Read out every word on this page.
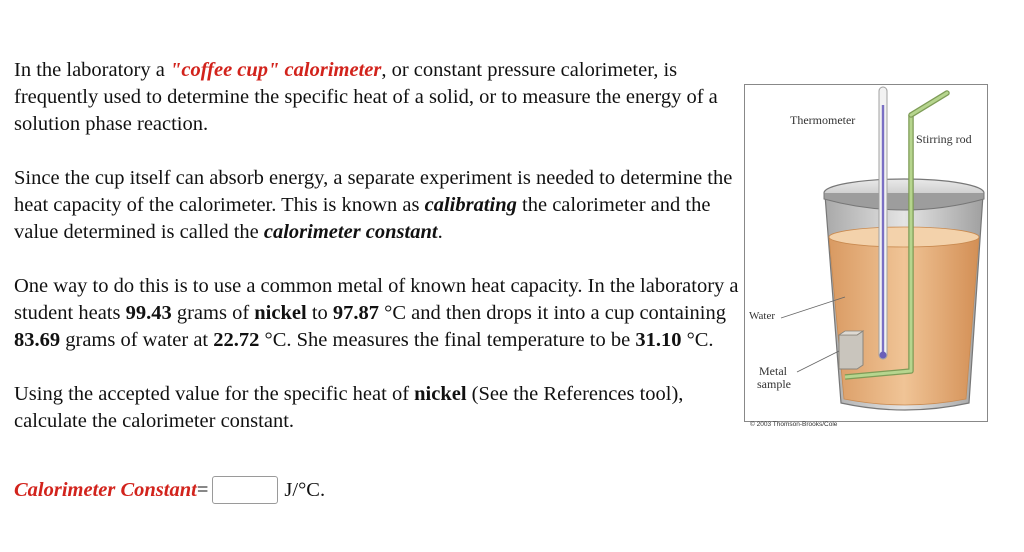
In the laboratory a "coffee cup" calorimeter, or constant pressure calorimeter, is frequently used to determine the specific heat of a solid, or to measure the energy of a solution phase reaction.

Since the cup itself can absorb energy, a separate experiment is needed to determine the heat capacity of the calorimeter. This is known as calibrating the calorimeter and the value determined is called the calorimeter constant.

One way to do this is to use a common metal of known heat capacity. In the laboratory a student heats 99.43 grams of nickel to 97.87 °C and then drops it into a cup containing 83.69 grams of water at 22.72 °C. She measures the final temperature to be 31.10 °C.

Using the accepted value for the specific heat of nickel (See the References tool), calculate the calorimeter constant.

Calorimeter Constant =	J/°C.
Thermometer
Stirring rod
Water
Metal
sample
© 2003 Thomson-Brooks/Cole
